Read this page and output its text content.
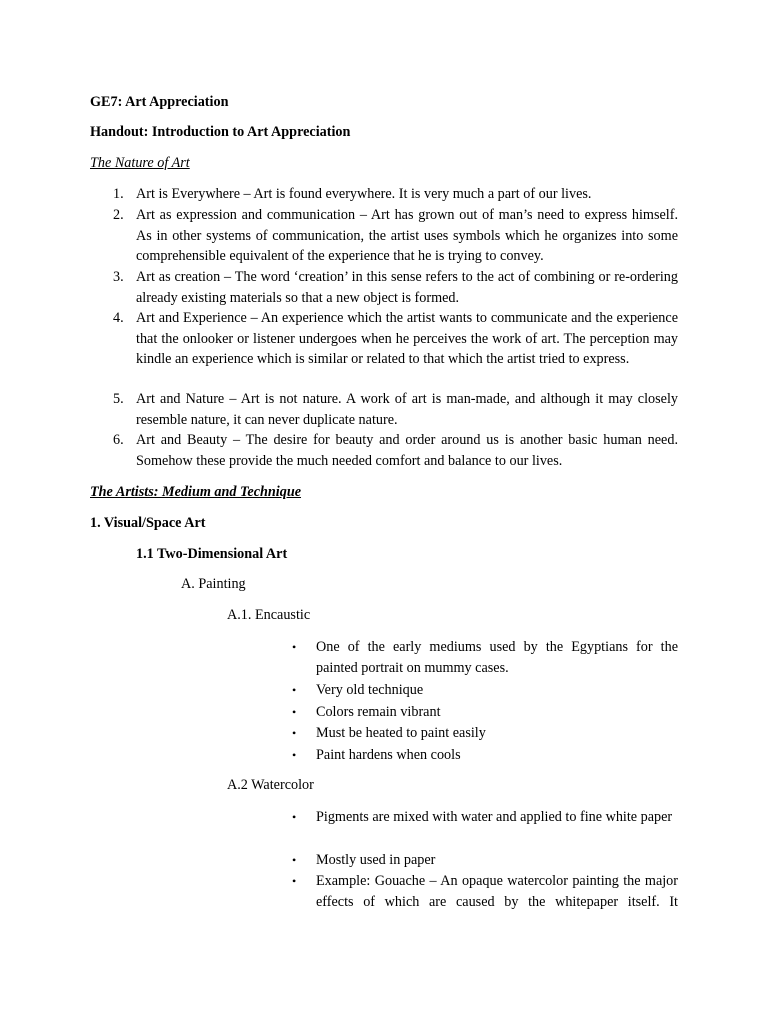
GE7: Art Appreciation
Handout: Introduction to Art Appreciation
The Nature of Art
1. Art is Everywhere – Art is found everywhere. It is very much a part of our lives.
2. Art as expression and communication – Art has grown out of man’s need to express himself. As in other systems of communication, the artist uses symbols which he organizes into some comprehensible equivalent of the experience that he is trying to convey.
3. Art as creation – The word ‘creation’ in this sense refers to the act of combining or re-ordering already existing materials so that a new object is formed.
4. Art and Experience – An experience which the artist wants to communicate and the experience that the onlooker or listener undergoes when he perceives the work of art. The perception may kindle an experience which is similar or related to that which the artist tried to express.
5. Art and Nature – Art is not nature. A work of art is man-made, and although it may closely resemble nature, it can never duplicate nature.
6. Art and Beauty – The desire for beauty and order around us is another basic human need. Somehow these provide the much needed comfort and balance to our lives.
The Artists: Medium and Technique
1. Visual/Space Art
1.1 Two-Dimensional Art
A. Painting
A.1. Encaustic
• One of the early mediums used by the Egyptians for the painted portrait on mummy cases.
• Very old technique
• Colors remain vibrant
• Must be heated to paint easily
• Paint hardens when cools
A.2 Watercolor
• Pigments are mixed with water and applied to fine white paper
• Mostly used in paper
• Example: Gouache – An opaque watercolor painting the major effects of which are caused by the whitepaper itself. It
